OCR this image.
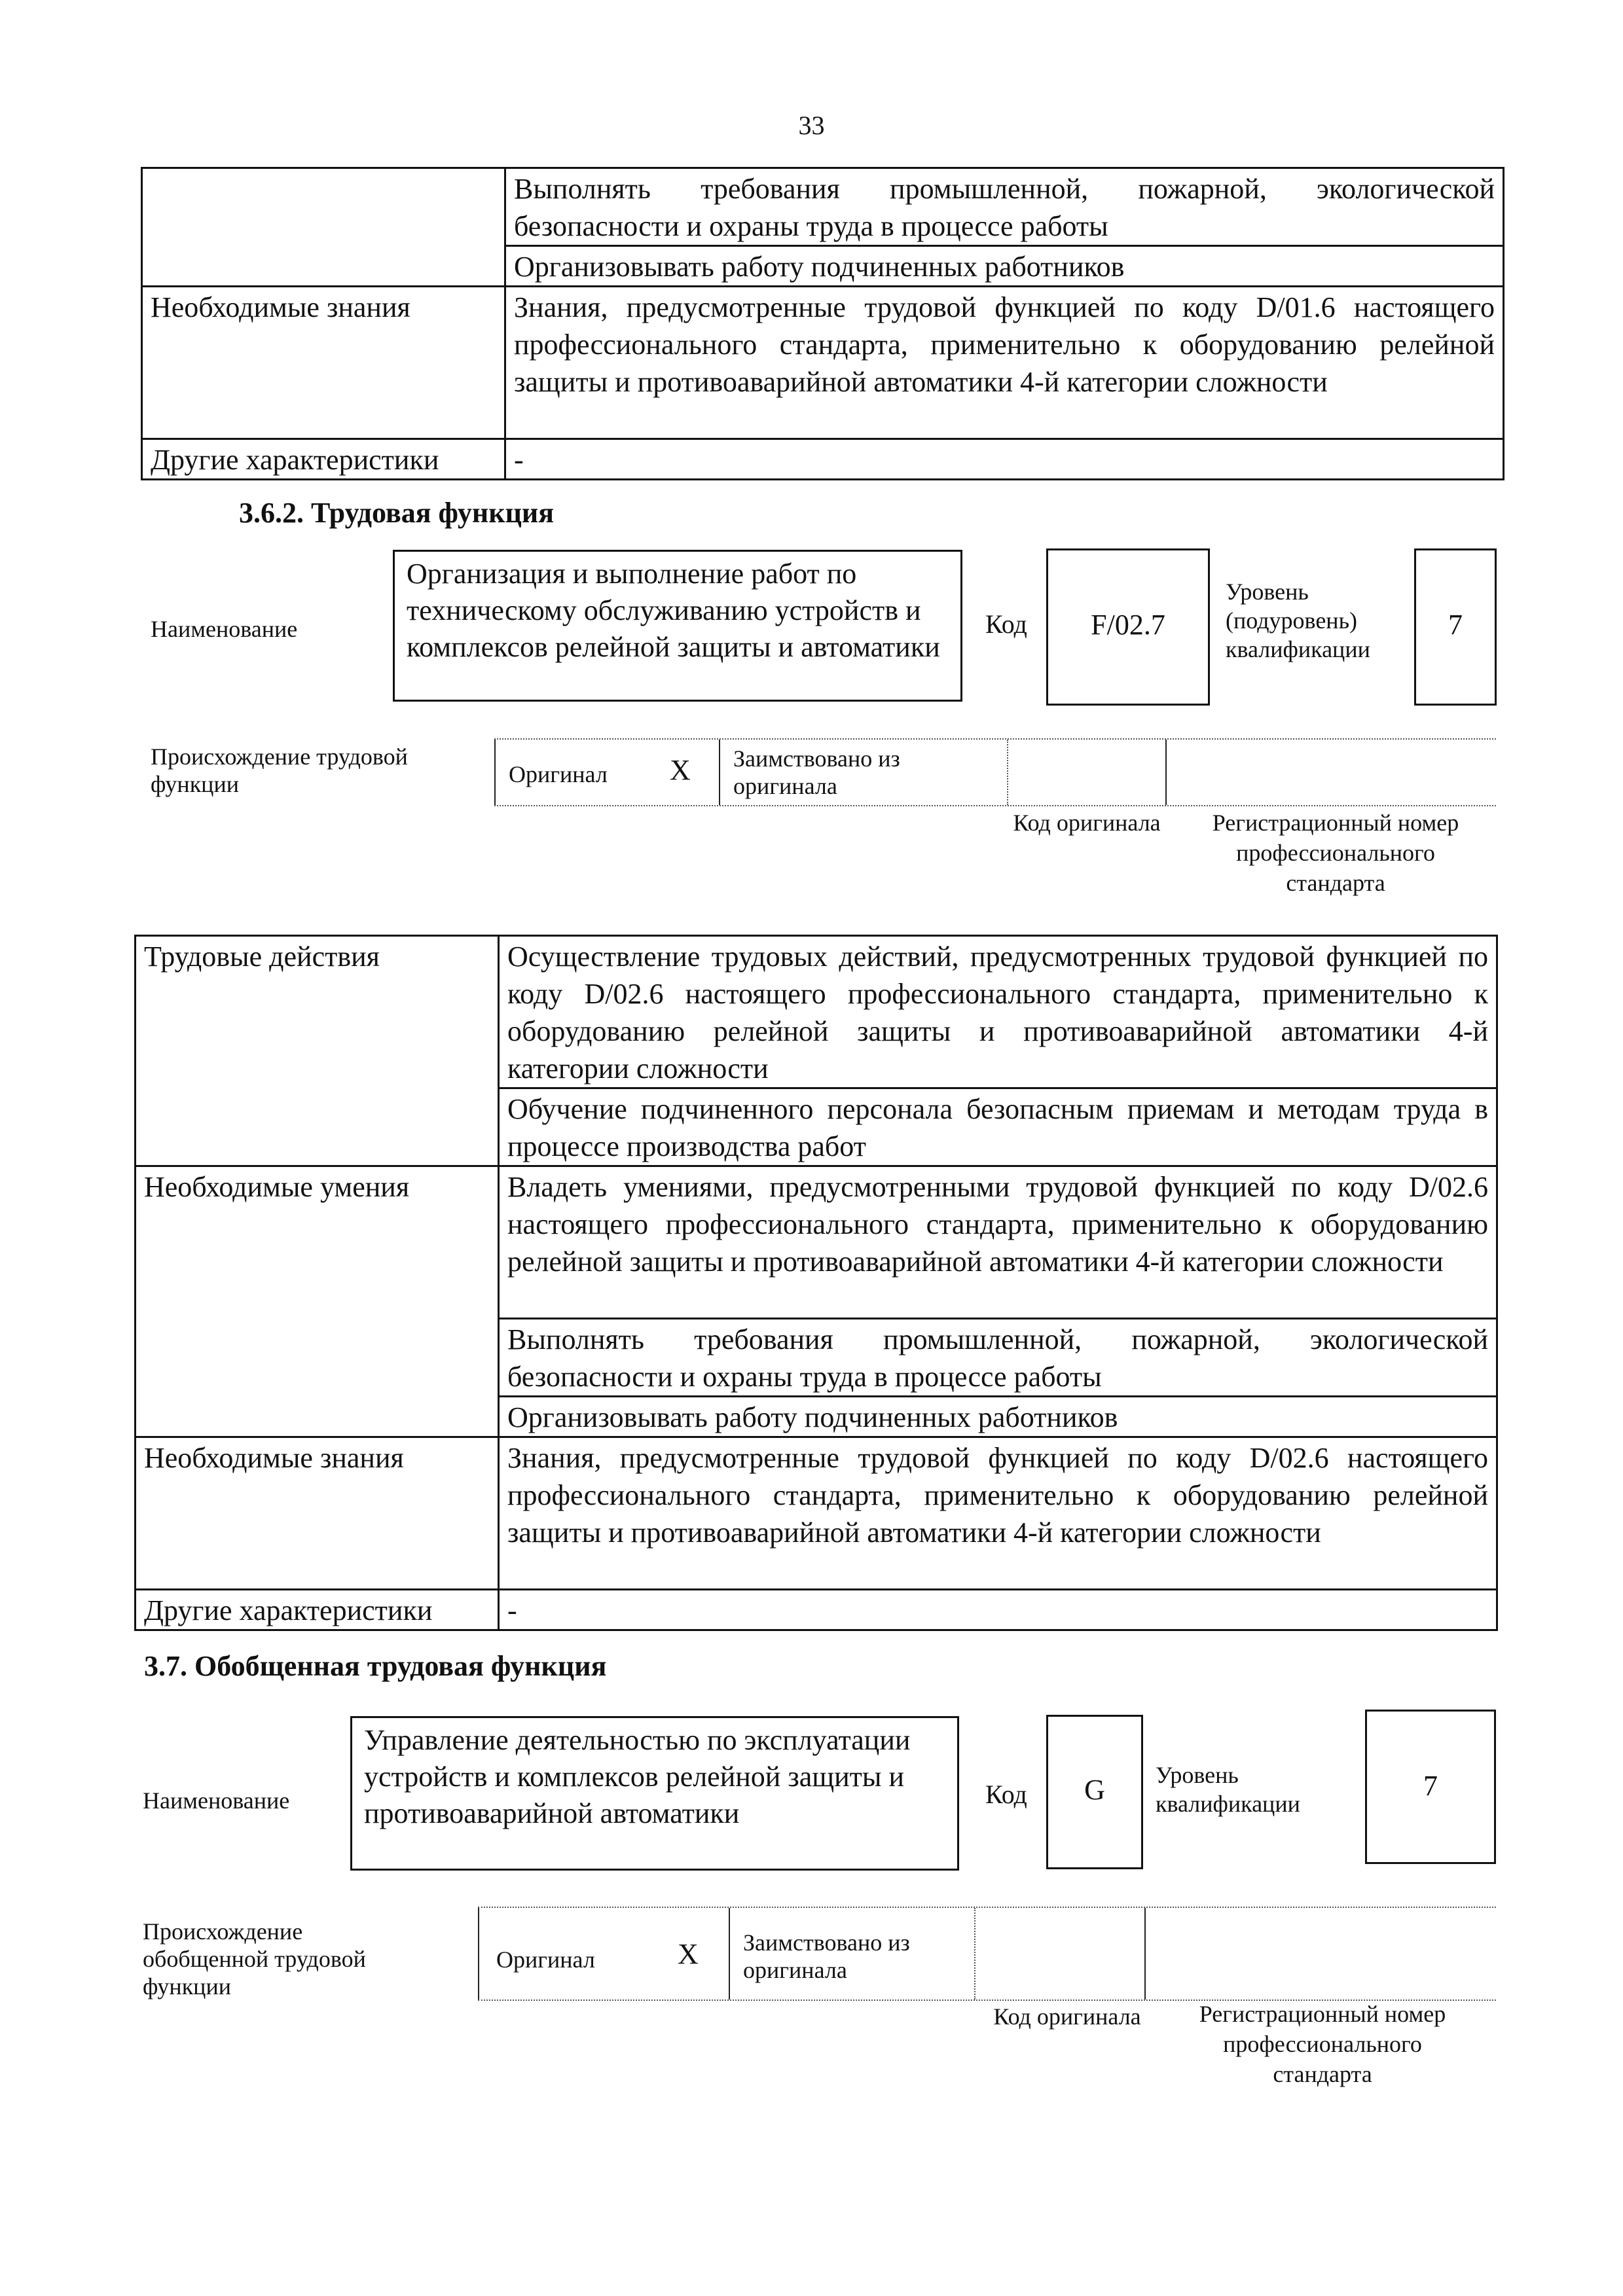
33
	Выполнять требования промышленной, пожарной, экологической безопасности и охраны труда в процессе работы
	Организовывать работу подчиненных работников
Необходимые знания	Знания, предусмотренные трудовой функцией по коду D/01.6 настоящего профессионального стандарта, применительно к оборудованию релейной защиты и противоаварийной автоматики 4-й категории сложности
Другие характеристики	-
3.6.2. Трудовая функция
Наименование
Организация и выполнение работ по техническому обслуживанию устройств и комплексов релейной защиты и автоматики
Код	F/02.7
Уровень (подуровень) квалификации
7
Происхождение трудовой функции	Оригинал X Заимствовано из оригинала
Код оригинала	Регистрационный номер профессионального стандарта
Трудовые действия	Осуществление трудовых действий, предусмотренных трудовой функцией по коду D/02.6 настоящего профессионального стандарта, применительно к оборудованию релейной защиты и противоаварийной автоматики 4-й категории сложности
	Обучение подчиненного персонала безопасным приемам и методам труда в процессе производства работ
Необходимые умения	Владеть умениями, предусмотренными трудовой функцией по коду D/02.6 настоящего профессионального стандарта, применительно к оборудованию релейной защиты и противоаварийной автоматики 4-й категории сложности
	Выполнять требования промышленной, пожарной, экологической безопасности и охраны труда в процессе работы
	Организовывать работу подчиненных работников
Необходимые знания	Знания, предусмотренные трудовой функцией по коду D/02.6 настоящего профессионального стандарта, применительно к оборудованию релейной защиты и противоаварийной автоматики 4-й категории сложности
Другие характеристики	-
3.7. Обобщенная трудовая функция
Наименование
Управление деятельностью по эксплуатации устройств и комплексов релейной защиты и противоаварийной автоматики
Код	G	Уровень квалификации
7
Происхождение обобщенной трудовой функции
Оригинал	X Заимствовано из оригинала
Код оригинала	Регистрационный номер профессионального стандарта
